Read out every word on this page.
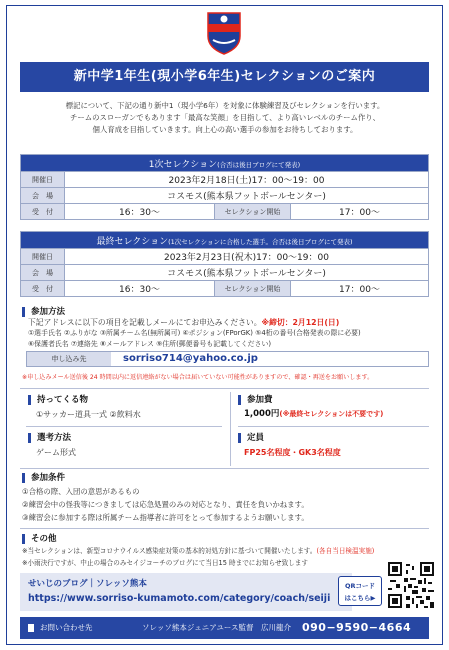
新中学1年生(現小学6年生)セレクションのご案内
標記について、下記の通り新中1（現小学6年）を対象に体験練習及びセレクションを行います。
チームのスローガンでもあります「最高な笑顔」を目指して、より高いレベルのチーム作り、
個人育成を目指していきます。向上心の高い選手の参加をお待ちしております。
1次セレクション(合否は後日ブログにて発表)			
開催日	2023年2月18日(土)17：00〜19：00		
会　場	コスモス(熊本県フットボールセンター)		
受　付	16：30〜	セレクション開始	17：00〜
最終セレクション(1次セレクションに合格した選手。合否は後日ブログにて発表)			
開催日	2023年2月23日(祝木)17：00〜19：00		
会　場	コスモス(熊本県フットボールセンター)		
受　付	16：30〜	セレクション開始	17：00〜
参加方法
下記アドレスに以下の項目を記載しメールにてお申込みください。※締切：2月12日(日)
①選手氏名 ②ふりがな ③所属チーム名(無所属可) ④ポジション(FPorGK) ⑤4桁の番号(合格発表の際に必要)
⑥保護者氏名 ⑦連絡先 ⑧メールアドレス ⑨住所(郵便番号も記載してください)
申し込み先	sorriso714@yahoo.co.jp
※申し込みメール送信後 24 時間以内に返信連絡がない場合は届いていない可能性がありますので、確認・再送をお願いします。
持ってくる物
①サッカー道具一式 ②飲料水
参加費
1,000円(※最終セレクションは不要です)
選考方法
ゲーム形式
定員
FP25名程度・GK3名程度
参加条件
①合格の際、入団の意思があるもの
②練習会中の怪我等につきましては応急処置のみの対応となり、責任を負いかねます。
③練習会に参加する際は所属チーム指導者に許可をとって参加するようお願いします。
その他
※当セレクションは、新型コロナウイルス感染症対策の基本的対処方針に基づいて開催いたします。(各自当日検温実施)
※小雨決行ですが、中止の場合のみセイジコーチのブログにて当日15 時までにお知らせ致します
せいじのブログ｜ソレッソ熊本
https://www.sorriso-kumamoto.com/category/coach/seiji
QRコード
はこちら▶
お問い合わせ先	ソレッソ熊本ジュニアユース監督　広川龍介 090−9590−4664
